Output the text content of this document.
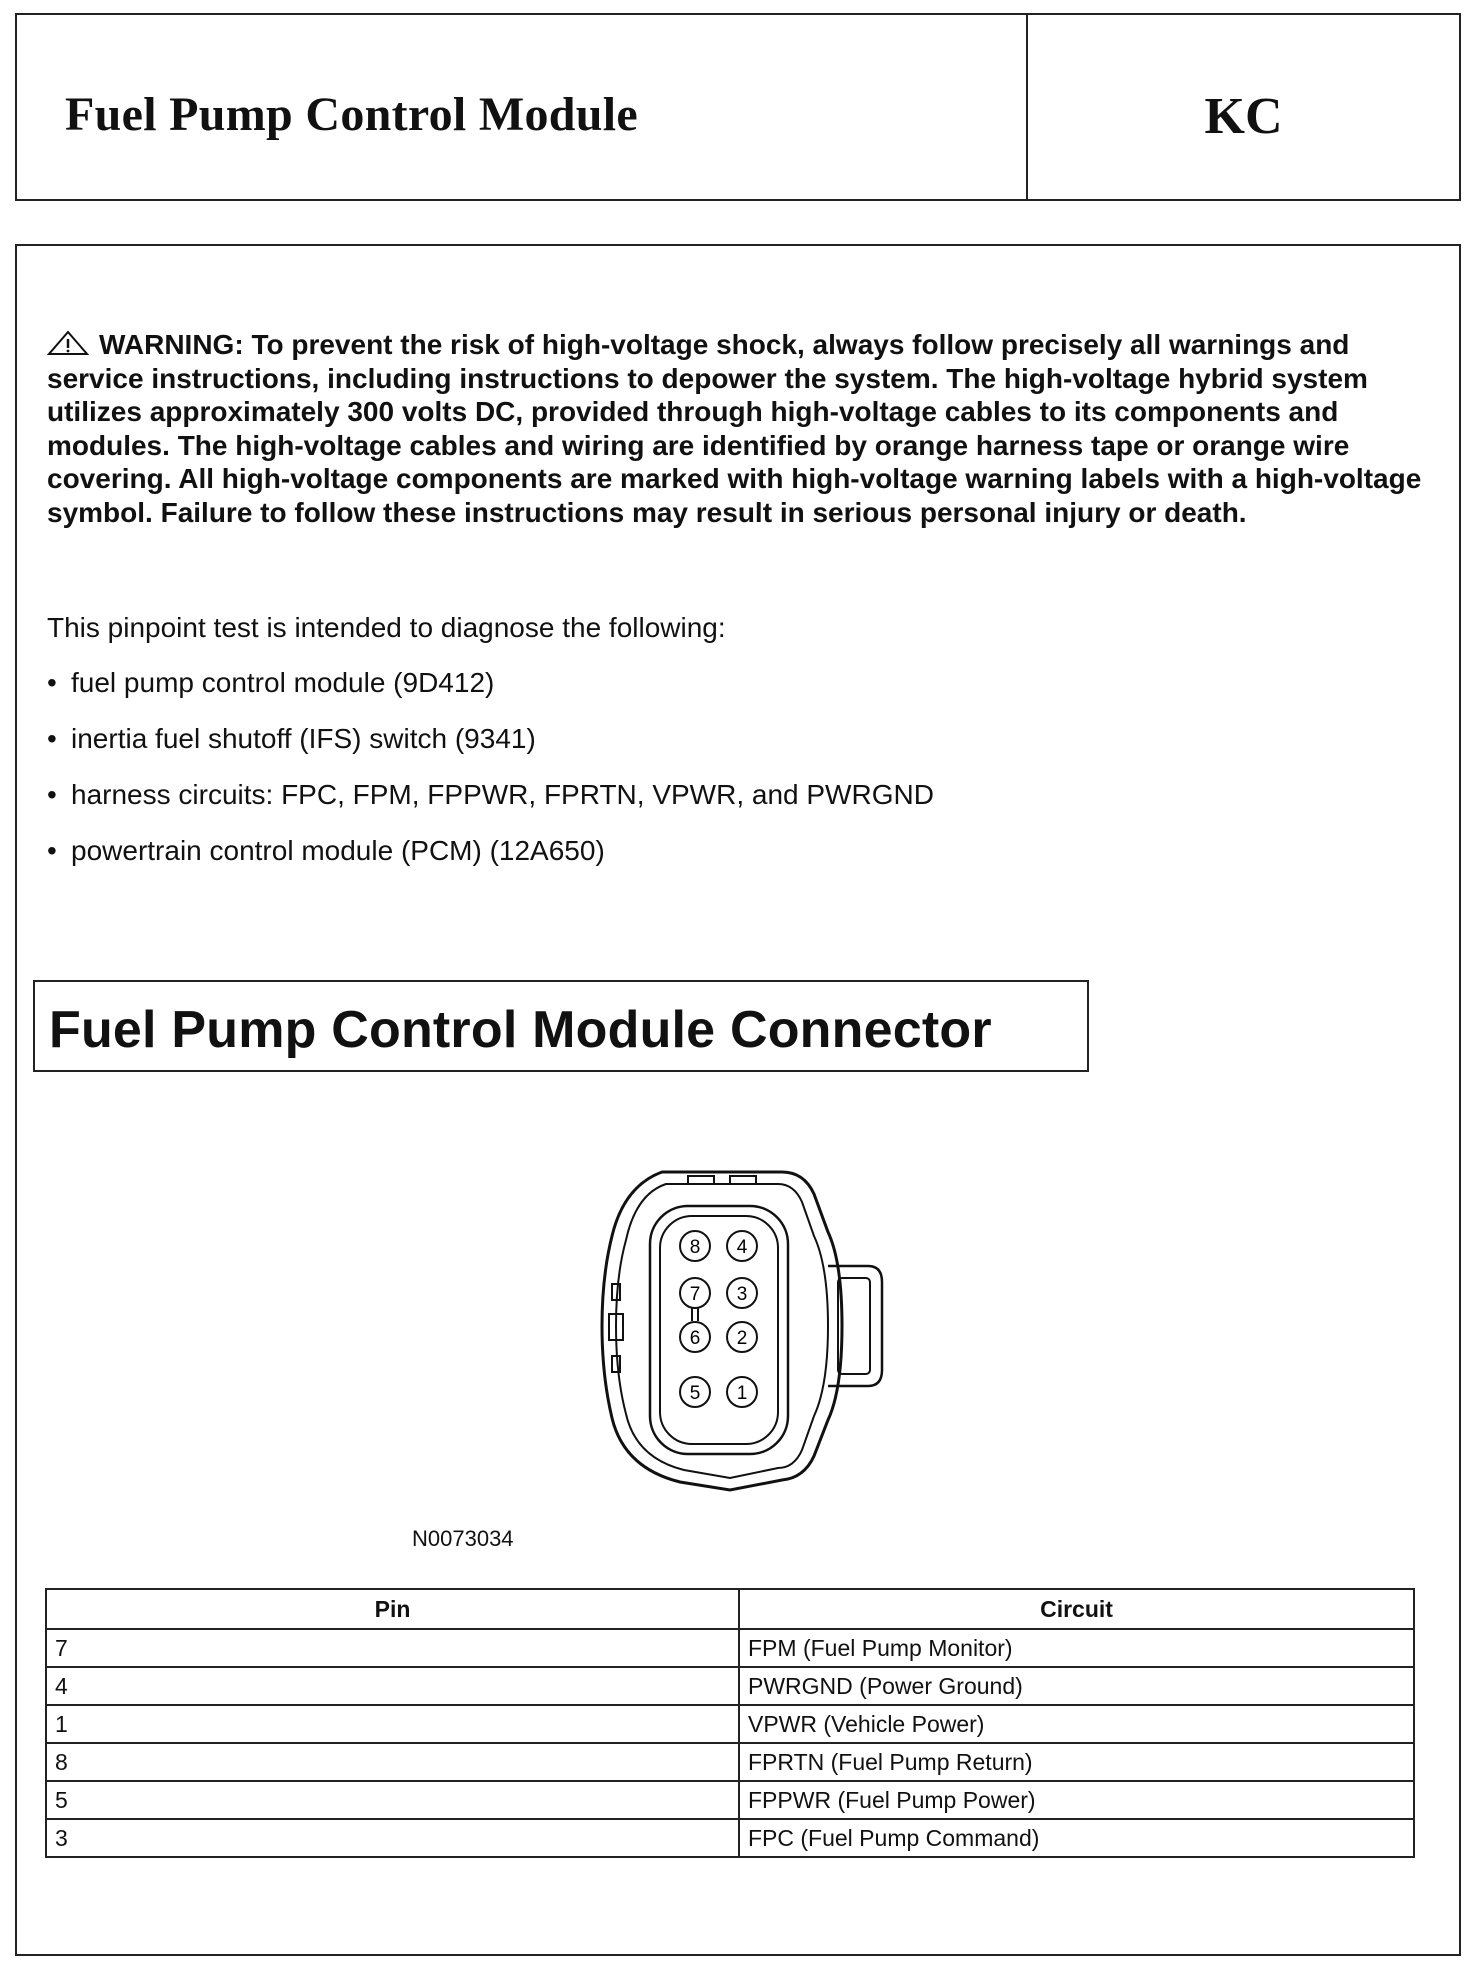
Fuel Pump Control Module	KC
WARNING: To prevent the risk of high-voltage shock, always follow precisely all warnings and service instructions, including instructions to depower the system. The high-voltage hybrid system utilizes approximately 300 volts DC, provided through high-voltage cables to its components and modules. The high-voltage cables and wiring are identified by orange harness tape or orange wire covering. All high-voltage components are marked with high-voltage warning labels with a high-voltage symbol. Failure to follow these instructions may result in serious personal injury or death.
This pinpoint test is intended to diagnose the following:
• fuel pump control module (9D412)
• inertia fuel shutoff (IFS) switch (9341)
• harness circuits: FPC, FPM, FPPWR, FPRTN, VPWR, and PWRGND
• powertrain control module (PCM) (12A650)
Fuel Pump Control Module Connector
8
7
6
5
4
3
2
1
N0073034
Pin	Circuit
7	FPM (Fuel Pump Monitor)
4	PWRGND (Power Ground)
1	VPWR (Vehicle Power)
8	FPRTN (Fuel Pump Return)
5	FPPWR (Fuel Pump Power)
3	FPC (Fuel Pump Command)
